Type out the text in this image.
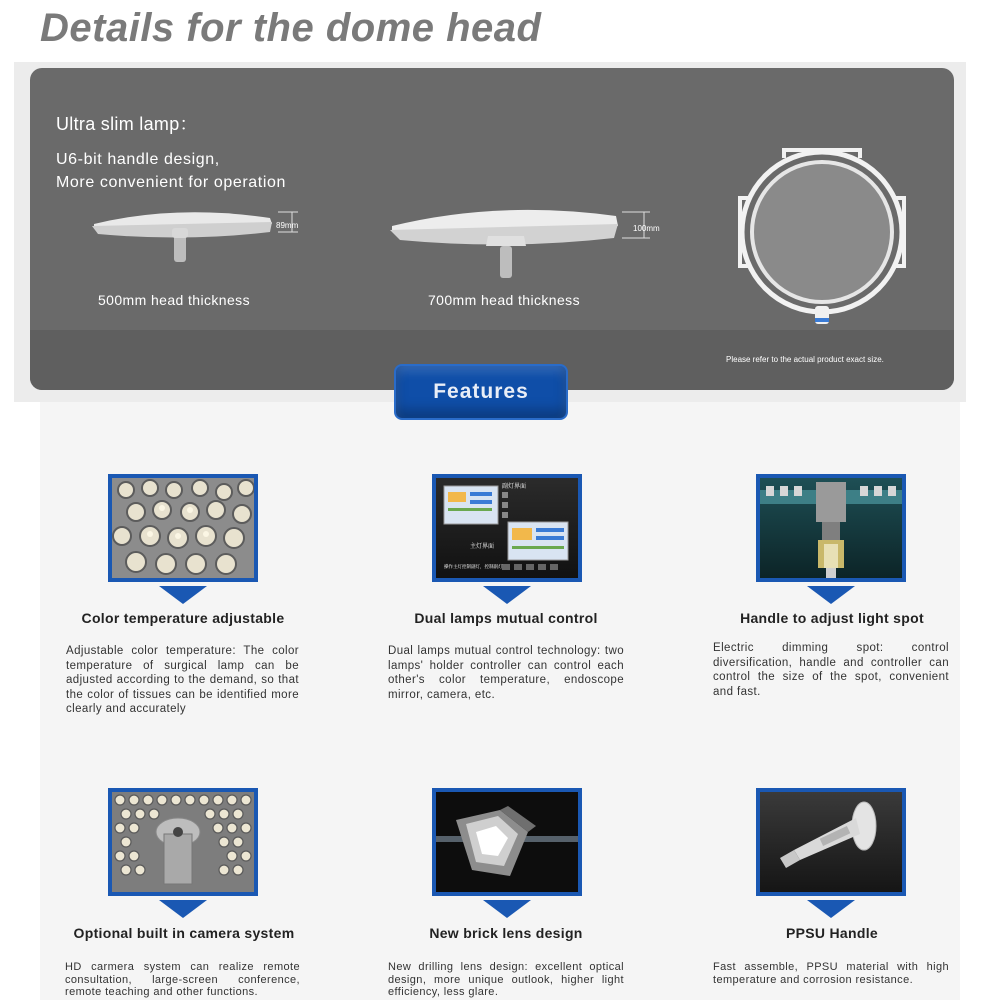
Details for the dome head
Ultra slim lamp：
U6-bit handle design,
More convenient for operation
89mm
500mm head thickness
100mm
700mm head thickness
Please refer to the actual product exact size.
Features
Color temperature adjustable
Adjustable color temperature: The color temperature of surgical lamp can be adjusted according to the demand, so that the color of tissues can be identified more clearly and accurately
副灯界面
主灯界面
操作主灯控制副灯，控制副灯
Dual lamps mutual control
Dual lamps mutual control technology: two lamps' holder controller can control each other's color temperature, endoscope mirror, camera, etc.
Handle to adjust light spot
Electric dimming spot: control diversification, handle and controller can control the size of the spot, convenient and fast.
Optional built in camera system
HD carmera system can realize remote consultation, large-screen conference, remote teaching and other functions.
New brick lens design
New drilling lens design: excellent optical design, more unique outlook, higher light efficiency, less glare.
PPSU Handle
Fast assemble, PPSU material with high temperature and corrosion resistance.
